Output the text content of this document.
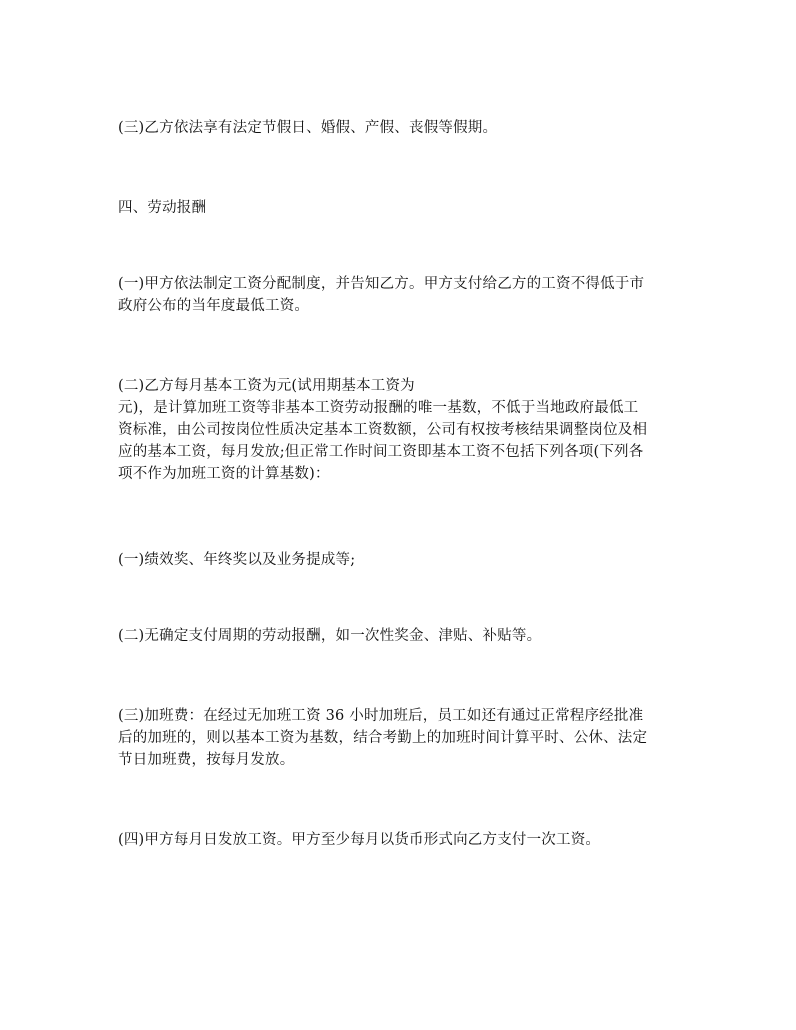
(三)乙方依法享有法定节假日、婚假、产假、丧假等假期。
四、劳动报酬
(一)甲方依法制定工资分配制度，并告知乙方。甲方支付给乙方的工资不得低于市
政府公布的当年度最低工资。
(二)乙方每月基本工资为元(试用期基本工资为
元)，是计算加班工资等非基本工资劳动报酬的唯一基数，不低于当地政府最低工
资标准，由公司按岗位性质决定基本工资数额，公司有权按考核结果调整岗位及相
应的基本工资，每月发放;但正常工作时间工资即基本工资不包括下列各项(下列各
项不作为加班工资的计算基数)：
(一)绩效奖、年终奖以及业务提成等;
(二)无确定支付周期的劳动报酬，如一次性奖金、津贴、补贴等。
(三)加班费：在经过无加班工资 36 小时加班后，员工如还有通过正常程序经批准
后的加班的，则以基本工资为基数，结合考勤上的加班时间计算平时、公休、法定
节日加班费，按每月发放。
(四)甲方每月日发放工资。甲方至少每月以货币形式向乙方支付一次工资。
